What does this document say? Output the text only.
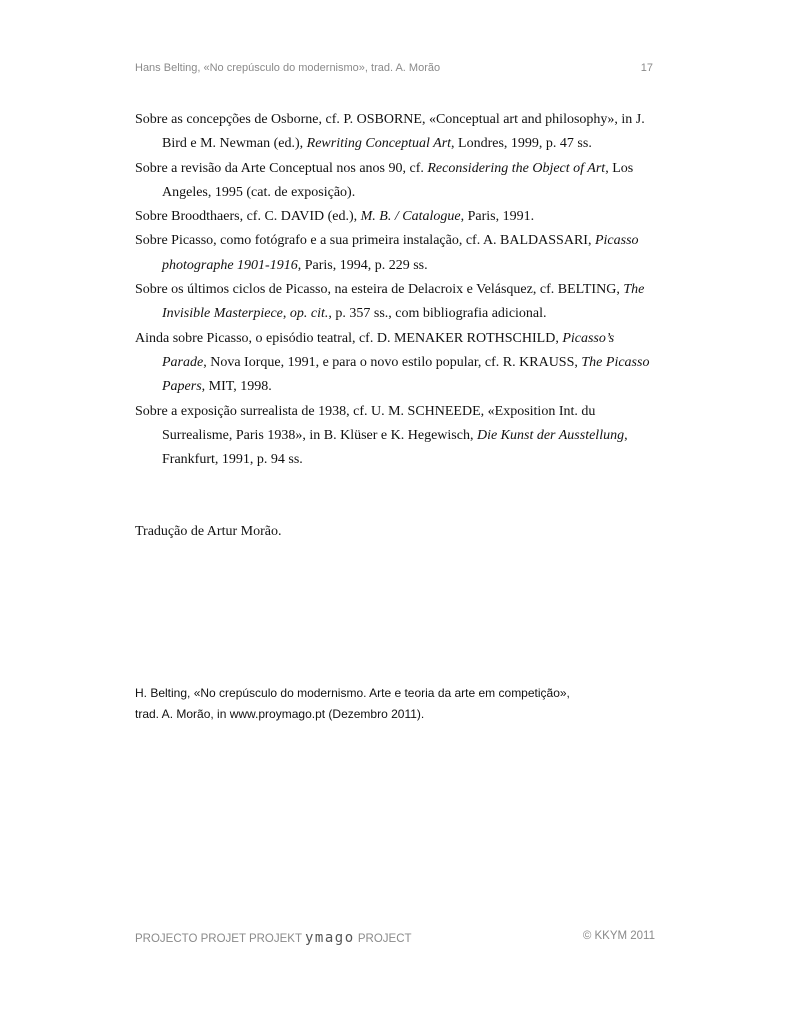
Hans Belting, «No crepúsculo do modernismo», trad. A. Morão	17

Sobre as concepções de Osborne, cf. P. OSBORNE, «Conceptual art and philosophy», in J. Bird e M. Newman (ed.), Rewriting Conceptual Art, Londres, 1999, p. 47 ss.

Sobre a revisão da Arte Conceptual nos anos 90, cf. Reconsidering the Object of Art, Los Angeles, 1995 (cat. de exposição).

Sobre Broodthaers, cf. C. DAVID (ed.), M. B. / Catalogue, Paris, 1991.

Sobre Picasso, como fotógrafo e a sua primeira instalação, cf. A. BALDASSARI, Picasso photographe 1901-1916, Paris, 1994, p. 229 ss.

Sobre os últimos ciclos de Picasso, na esteira de Delacroix e Velásquez, cf. BELTING, The Invisible Masterpiece, op. cit., p. 357 ss., com bibliografia adicional.

Ainda sobre Picasso, o episódio teatral, cf. D. MENAKER ROTHSCHILD, Picasso’s Parade, Nova Iorque, 1991, e para o novo estilo popular, cf. R. KRAUSS, The Picasso Papers, MIT, 1998.

Sobre a exposição surrealista de 1938, cf. U. M. SCHNEEDE, «Exposition Int. du Surrealisme, Paris 1938», in B. Klüser e K. Hegewisch, Die Kunst der Ausstellung, Frankfurt, 1991, p. 94 ss.

Tradução de Artur Morão.
H. Belting, «No crepúsculo do modernismo. Arte e teoria da arte em competição»,
trad. A. Morão, in www.proymago.pt (Dezembro 2011).
PROJECTO PROJET PROJEKT ymago PROJECT	© KKYM 2011
